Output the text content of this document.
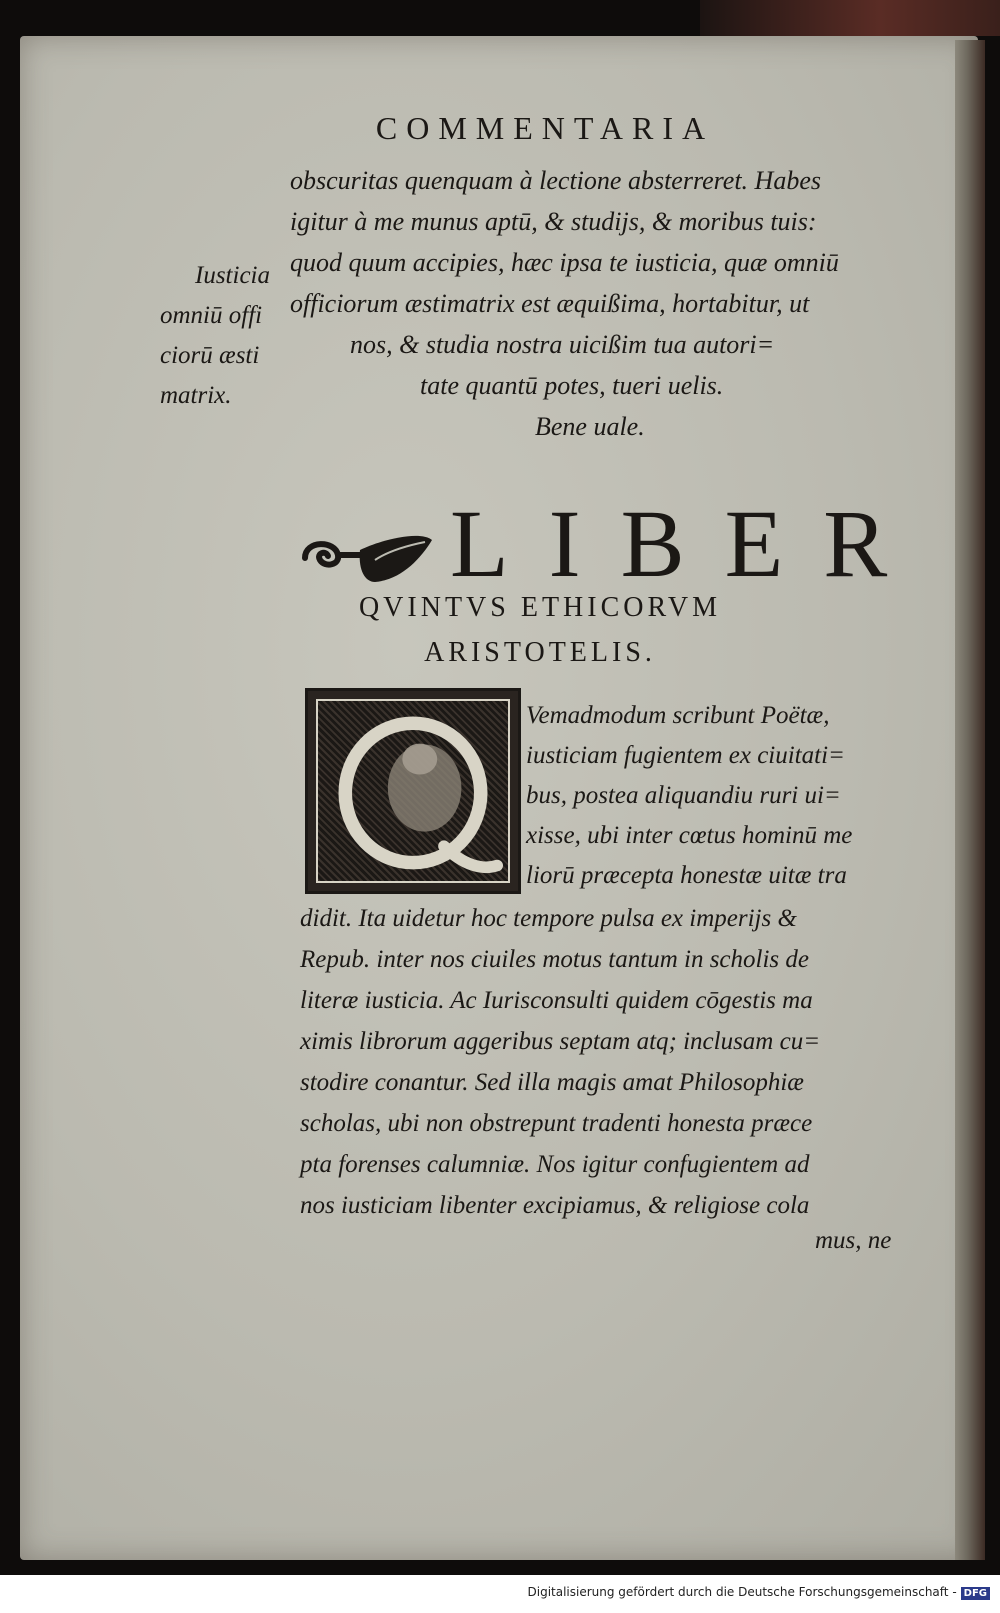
COMMENTARIA
obscuritas quenquam à lectione absterreret. Habes
igitur à me munus aptū, & studijs, & moribus tuis:
quod quum accipies, hæc ipsa te iusticia, quæ omniū
officiorum æstimatrix est æquißima, hortabitur, ut
nos, & studia nostra uicißim tua autori=
tate quantū potes, tueri uelis.
Bene uale.
Iusticia
omniū offi
ciorū æsti
matrix.
LIBER
QVINTVS ETHICORVM
ARISTOTELIS.
Vemadmodum scribunt Poëtæ,
iusticiam fugientem ex ciuitati=
bus, postea aliquandiu ruri ui=
xisse, ubi inter cœtus hominū me
liorū præcepta honestæ uitæ tra
didit. Ita uidetur hoc tempore pulsa ex imperijs &
Repub. inter nos ciuiles motus tantum in scholis de
literæ iusticia. Ac Iurisconsulti quidem cōgestis ma
ximis librorum aggeribus septam atq; inclusam cu=
stodire conantur. Sed illa magis amat Philosophiæ
scholas, ubi non obstrepunt tradenti honesta præce
pta forenses calumniæ. Nos igitur confugientem ad
nos iusticiam libenter excipiamus, & religiose cola
mus, ne
Digitalisierung gefördert durch die Deutsche Forschungsgemeinschaft - DFG
